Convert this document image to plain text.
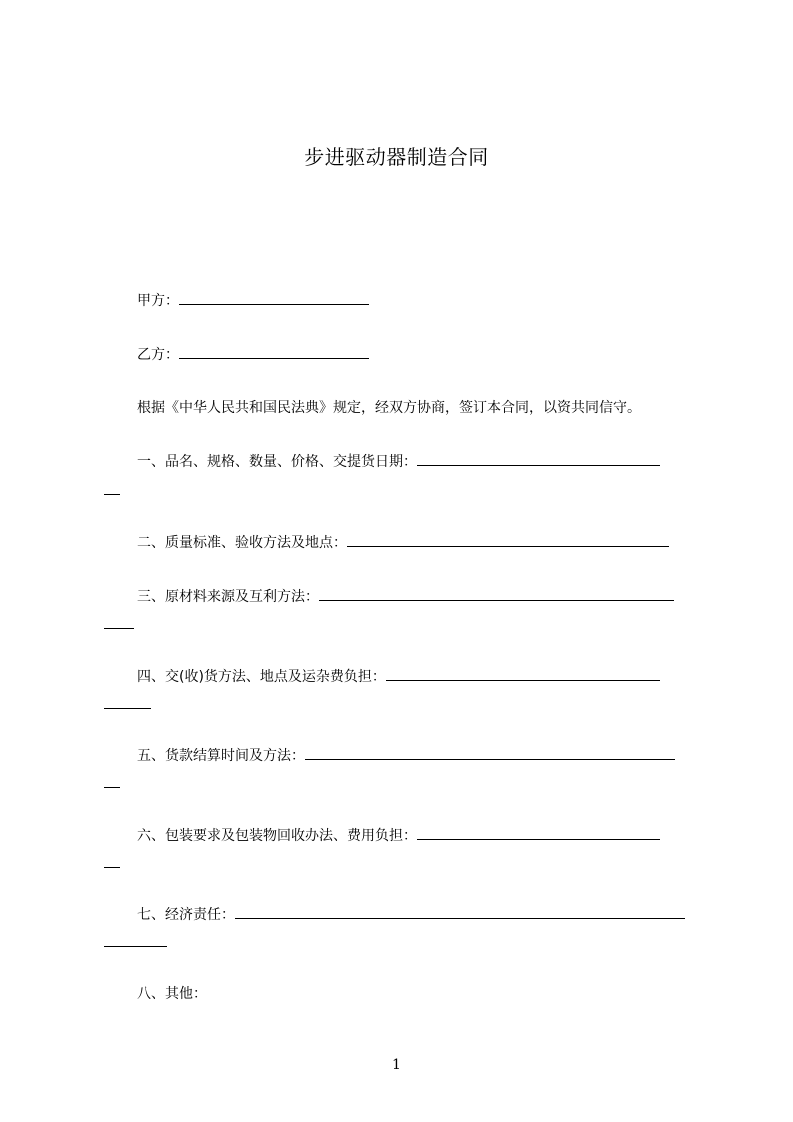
步进驱动器制造合同
甲方：
乙方：
根据《中华人民共和国民法典》规定，经双方协商，签订本合同，以资共同信守。
一、品名、规格、数量、价格、交提货日期：
二、质量标准、验收方法及地点：
三、原材料来源及互利方法：
四、交(收)货方法、地点及运杂费负担：
五、货款结算时间及方法：
六、包装要求及包装物回收办法、费用负担：
七、经济责任：
八、其他：
1
